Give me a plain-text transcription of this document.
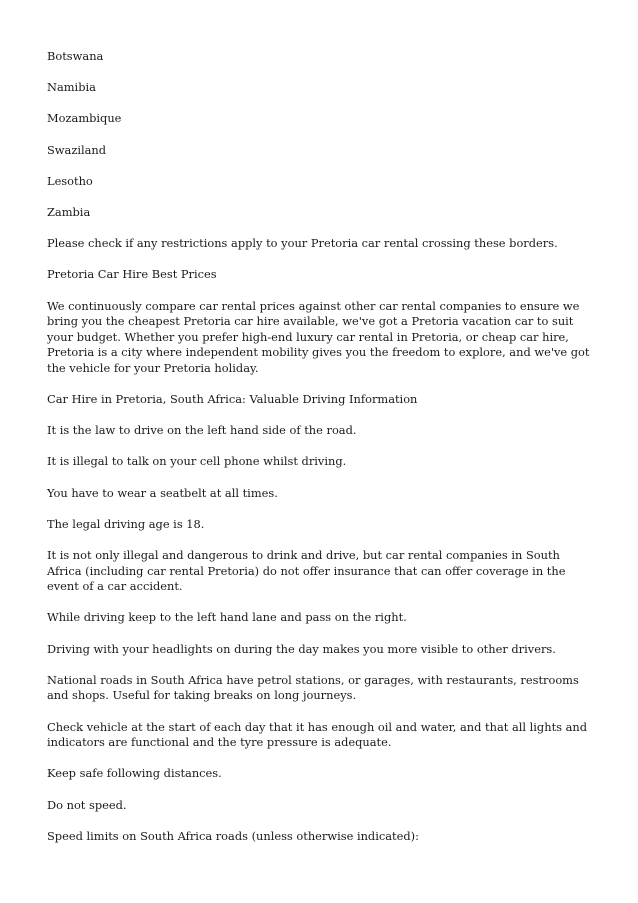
Botswana

Namibia

Mozambique

Swaziland

Lesotho

Zambia

Please check if any restrictions apply to your Pretoria car rental crossing these borders.

Pretoria Car Hire Best Prices

We continuously compare car rental prices against other car rental companies to ensure we bring you the cheapest Pretoria car hire available, we've got a Pretoria vacation car to suit your budget. Whether you prefer high-end luxury car rental in Pretoria, or cheap car hire, Pretoria is a city where independent mobility gives you the freedom to explore, and we've got the vehicle for your Pretoria holiday.

Car Hire in Pretoria, South Africa: Valuable Driving Information

It is the law to drive on the left hand side of the road.

It is illegal to talk on your cell phone whilst driving.

You have to wear a seatbelt at all times.

The legal driving age is 18.

It is not only illegal and dangerous to drink and drive, but car rental companies in South Africa (including car rental Pretoria) do not offer insurance that can offer coverage in the event of a car accident.

While driving keep to the left hand lane and pass on the right.

Driving with your headlights on during the day makes you more visible to other drivers.

National roads in South Africa have petrol stations, or garages, with restaurants, restrooms and shops. Useful for taking breaks on long journeys.

Check vehicle at the start of each day that it has enough oil and water, and that all lights and indicators are functional and the tyre pressure is adequate.

Keep safe following distances.

Do not speed.

Speed limits on South Africa roads (unless otherwise indicated):
